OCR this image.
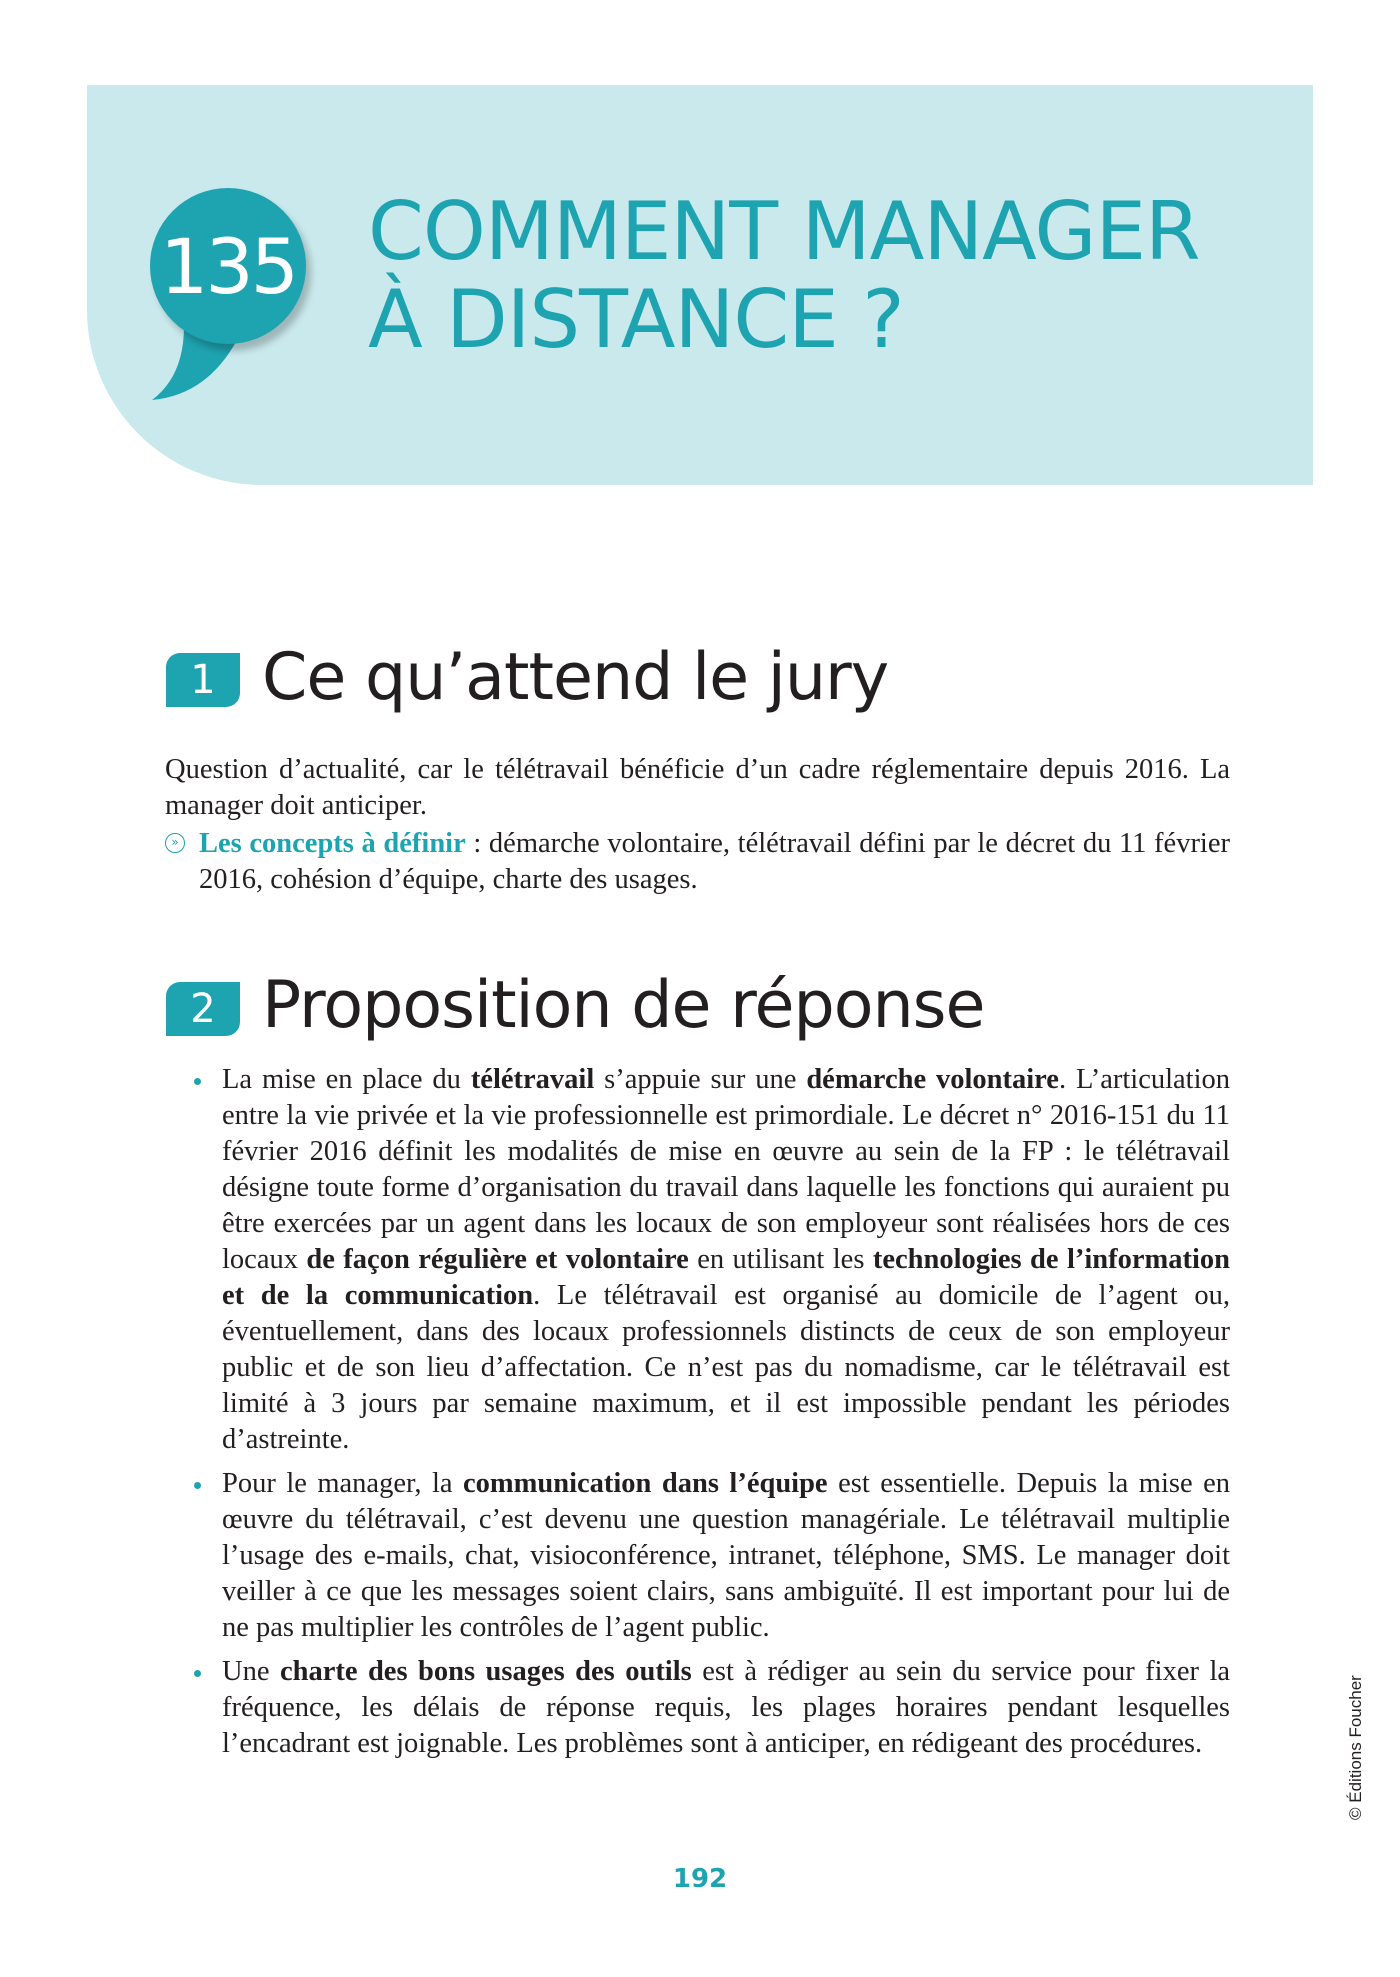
135 COMMENT MANAGER
À DISTANCE ?
1 Ce qu’attend le jury

Question d’actualité, car le télétravail bénéficie d’un cadre réglementaire depuis 2016. La manager doit anticiper.

» Les concepts à définir : démarche volontaire, télétravail défini par le décret du 11 février 2016, cohésion d’équipe, charte des usages.
2 Proposition de réponse
La mise en place du télétravail s’appuie sur une démarche volontaire. L’articulation entre la vie privée et la vie professionnelle est primordiale. Le décret n° 2016-151 du 11 février 2016 définit les modalités de mise en œuvre au sein de la FP : le télétravail désigne toute forme d’organisation du travail dans laquelle les fonctions qui auraient pu être exercées par un agent dans les locaux de son employeur sont réalisées hors de ces locaux de façon régulière et volontaire en utilisant les technologies de l’information et de la communication. Le télétravail est organisé au domicile de l’agent ou, éventuellement, dans des locaux professionnels distincts de ceux de son employeur public et de son lieu d’affectation. Ce n’est pas du nomadisme, car le télétravail est limité à 3 jours par semaine maximum, et il est impossible pendant les périodes d’astreinte.
Pour le manager, la communication dans l’équipe est essentielle. Depuis la mise en œuvre du télétravail, c’est devenu une question managériale. Le télétravail multiplie l’usage des e-mails, chat, visioconférence, intranet, téléphone, SMS. Le manager doit veiller à ce que les messages soient clairs, sans ambiguïté. Il est important pour lui de ne pas multiplier les contrôles de l’agent public.
Une charte des bons usages des outils est à rédiger au sein du service pour fixer la fréquence, les délais de réponse requis, les plages horaires pendant lesquelles l’encadrant est joignable. Les problèmes sont à anticiper, en rédigeant des procédures.
192
© Éditions Foucher
